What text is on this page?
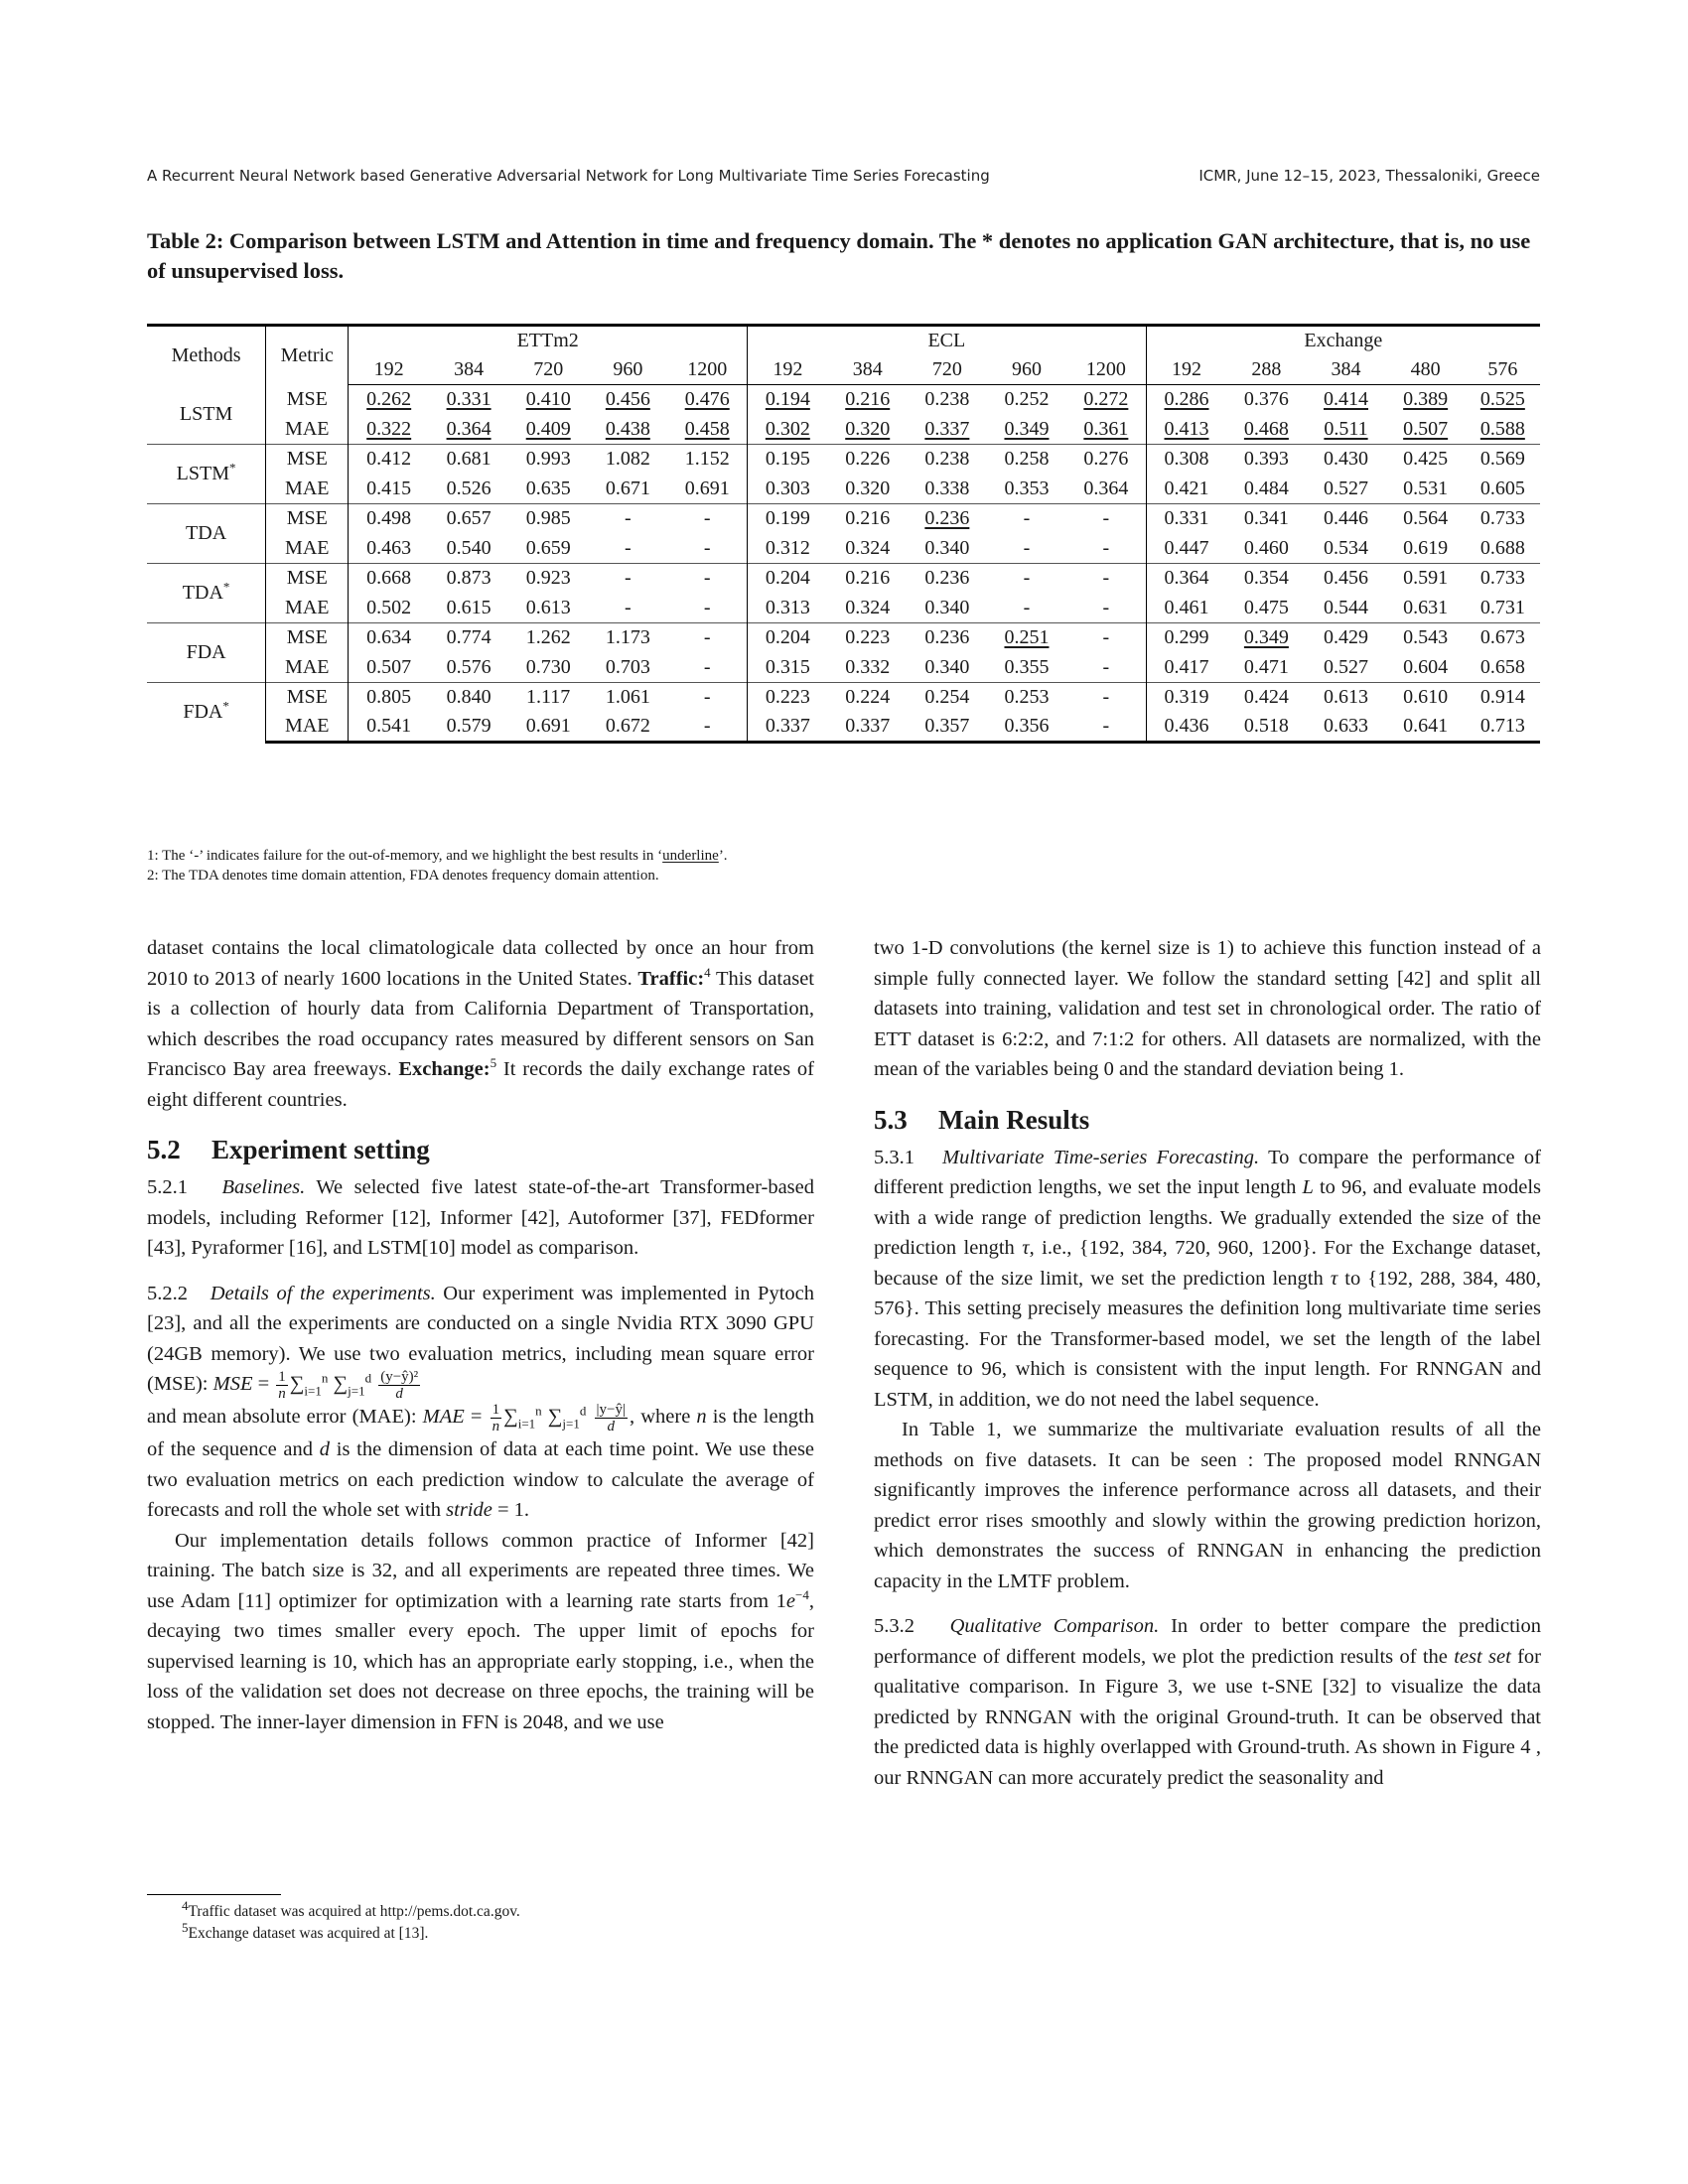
A Recurrent Neural Network based Generative Adversarial Network for Long Multivariate Time Series Forecasting	ICMR, June 12–15, 2023, Thessaloniki, Greece
Table 2: Comparison between LSTM and Attention in time and frequency domain. The * denotes no application GAN architecture, that is, no use of unsupervised loss.
Methods	Metric	ETTm2					ECL					Exchange				
		192	384	720	960	1200	192	384	720	960	1200	192	288	384	480	576
LSTM	MSE	0.262	0.331	0.410	0.456	0.476	0.194	0.216	0.238	0.252	0.272	0.286	0.376	0.414	0.389	0.525
	MAE	0.322	0.364	0.409	0.438	0.458	0.302	0.320	0.337	0.349	0.361	0.413	0.468	0.511	0.507	0.588
LSTM*	MSE	0.412	0.681	0.993	1.082	1.152	0.195	0.226	0.238	0.258	0.276	0.308	0.393	0.430	0.425	0.569
	MAE	0.415	0.526	0.635	0.671	0.691	0.303	0.320	0.338	0.353	0.364	0.421	0.484	0.527	0.531	0.605
TDA	MSE	0.498	0.657	0.985	-	-	0.199	0.216	0.236	-	-	0.331	0.341	0.446	0.564	0.733
	MAE	0.463	0.540	0.659	-	-	0.312	0.324	0.340	-	-	0.447	0.460	0.534	0.619	0.688
TDA*	MSE	0.668	0.873	0.923	-	-	0.204	0.216	0.236	-	-	0.364	0.354	0.456	0.591	0.733
	MAE	0.502	0.615	0.613	-	-	0.313	0.324	0.340	-	-	0.461	0.475	0.544	0.631	0.731
FDA	MSE	0.634	0.774	1.262	1.173	-	0.204	0.223	0.236	0.251	-	0.299	0.349	0.429	0.543	0.673
	MAE	0.507	0.576	0.730	0.703	-	0.315	0.332	0.340	0.355	-	0.417	0.471	0.527	0.604	0.658
FDA*	MSE	0.805	0.840	1.117	1.061	-	0.223	0.224	0.254	0.253	-	0.319	0.424	0.613	0.610	0.914
	MAE	0.541	0.579	0.691	0.672	-	0.337	0.337	0.357	0.356	-	0.436	0.518	0.633	0.641	0.713
1: The ‘-’ indicates failure for the out-of-memory, and we highlight the best results in ‘underline’.
2: The TDA denotes time domain attention, FDA denotes frequency domain attention.

dataset contains the local climatologicale data collected by once an hour from 2010 to 2013 of nearly 1600 locations in the United States. Traffic:$^4$ This dataset is a collection of hourly data from California Department of Transportation, which describes the road occupancy rates measured by different sensors on San Francisco Bay area freeways. Exchange:$^5$ It records the daily exchange rates of eight different countries.

5.2 Experiment setting

5.2.1 Baselines. We selected five latest state-of-the-art Transformer-based models, including Reformer [12], Informer [42], Autoformer [37], FEDformer [43], Pyraformer [16], and LSTM[10] model as comparison.

5.2.2 Details of the experiments. Our experiment was implemented in Pytoch [23], and all the experiments are conducted on a single Nvidia RTX 3090 GPU (24GB memory). We use two evaluation metrics, including mean square error (MSE): MSE = $\frac{1}{n} \sum_{i=1}^n$ $\sum_{j=1}^d \frac{\text{(y−ŷ)²}}{d}$

and mean absolute error (MAE): MAE = $\frac{1}{n} \sum_{i=1}^n$ $\sum_{j=1}^d \frac{|y-ŷ|}{d}$ , where n is the length of the sequence and d is the dimension of data at each time point. We use these two evaluation metrics on each prediction window to calculate the average of forecasts and roll the whole set with stride = 1.

Our implementation details follows common practice of Informer [42] training. The batch size is 32, and all experiments are repeated three times. We use Adam [11] optimizer for optimization with a learning rate starts from $1e^{-4}$, decaying two times smaller every epoch. The upper limit of epochs for supervised learning is 10, which has an appropriate early stopping, i.e., when the loss of the validation set does not decrease on three epochs, the training will be stopped. The inner-layer dimension in FFN is 2048, and we use

$^4$Traffic dataset was acquired at http://pems.dot.ca.gov.
$^5$Exchange dataset was acquired at [13].

two 1-D convolutions (the kernel size is 1) to achieve this function instead of a simple fully connected layer. We follow the standard setting [42] and split all datasets into training, validation and test set in chronological order. The ratio of ETT dataset is 6:2:2, and 7:1:2 for others. All datasets are normalized, with the mean of the variables being 0 and the standard deviation being 1.

5.3 Main Results

5.3.1 Multivariate Time-series Forecasting. To compare the performance of different prediction lengths, we set the input length L to 96, and evaluate models with a wide range of prediction lengths. We gradually extended the size of the prediction length τ, i.e., {192, 384, 720, 960, 1200}. For the Exchange dataset, because of the size limit, we set the prediction length τ to {192, 288, 384, 480, 576}. This setting precisely measures the definition long multivariate time series forecasting. For the Transformer-based model, we set the length of the label sequence to 96, which is consistent with the input length. For RNNGAN and LSTM, in addition, we do not need the label sequence.

In Table 1, we summarize the multivariate evaluation results of all the methods on five datasets. It can be seen : The proposed model RNNGAN significantly improves the inference performance across all datasets, and their predict error rises smoothly and slowly within the growing prediction horizon, which demonstrates the success of RNNGAN in enhancing the prediction capacity in the LMTF problem.

5.3.2 Qualitative Comparison. In order to better compare the prediction performance of different models, we plot the prediction results of the test set for qualitative comparison. In Figure 3, we use t-SNE [32] to visualize the data predicted by RNNGAN with the original Ground-truth. It can be observed that the predicted data is highly overlapped with Ground-truth. As shown in Figure 4 , our RNNGAN can more accurately predict the seasonality and
